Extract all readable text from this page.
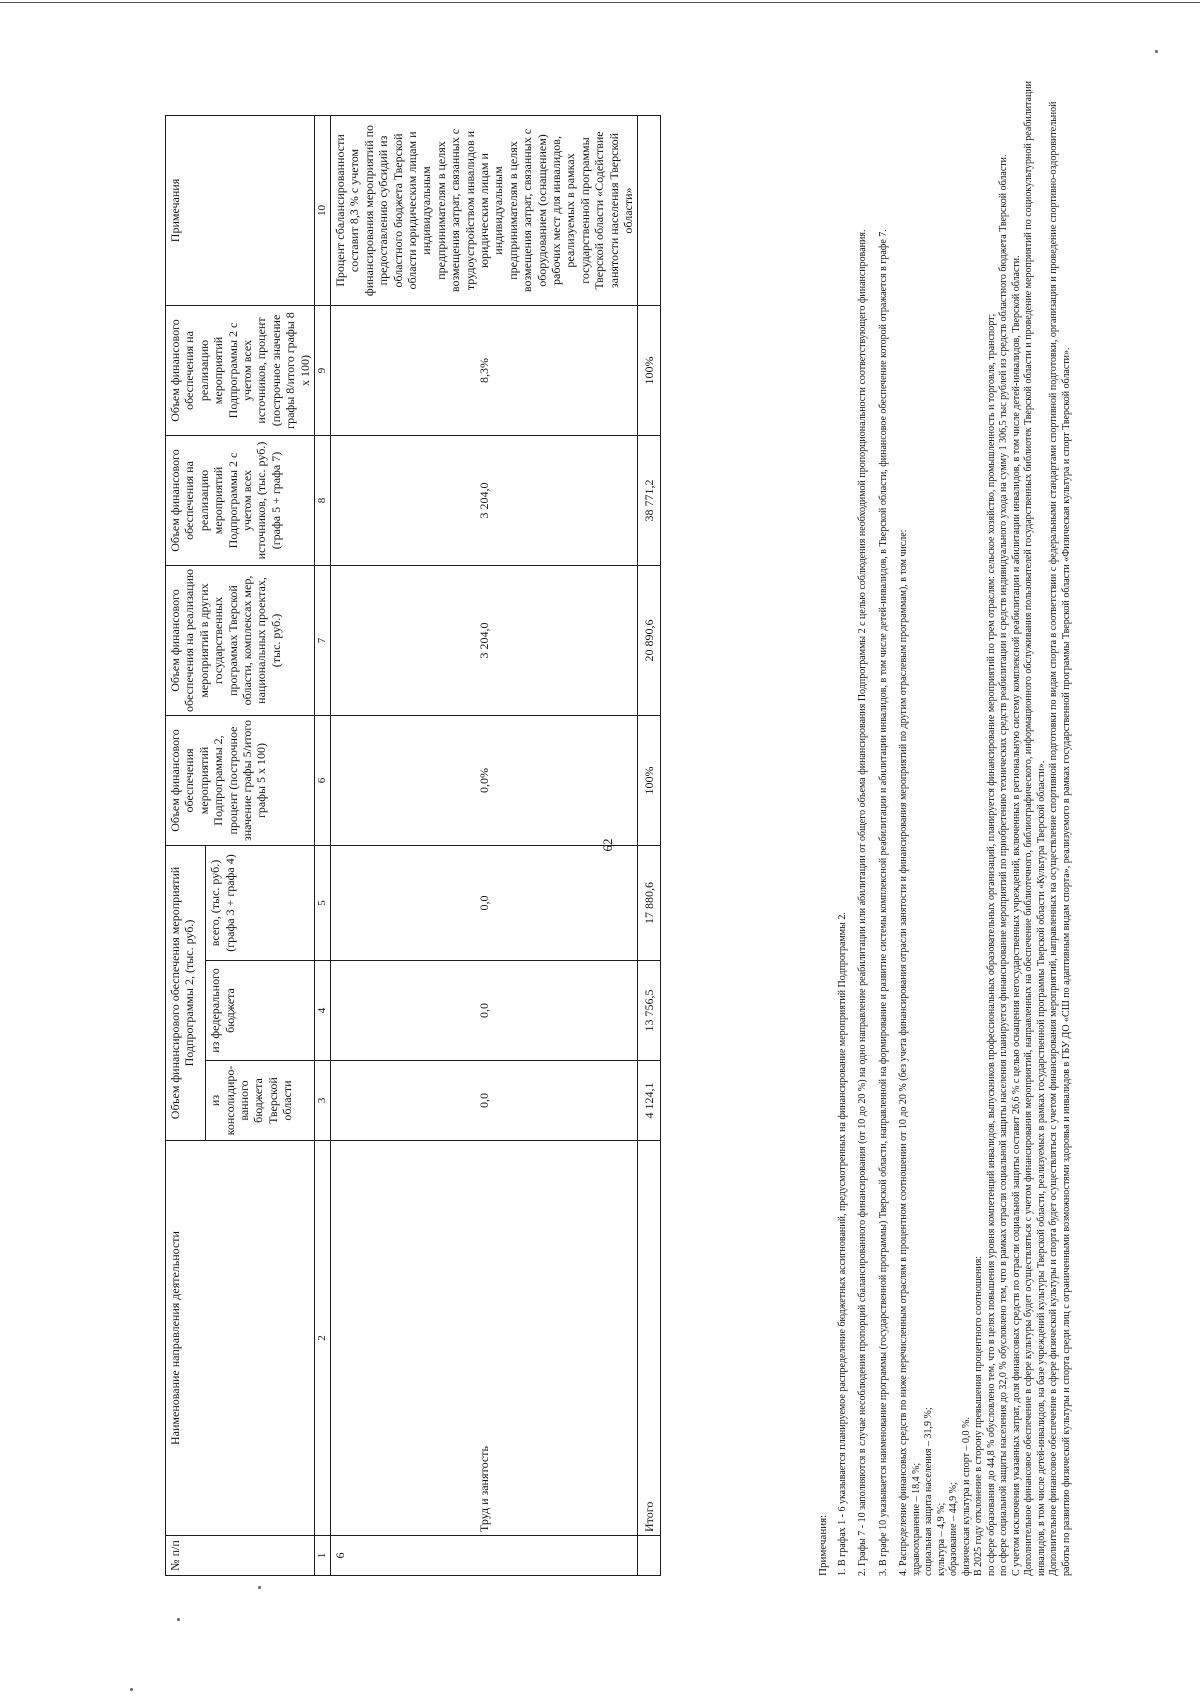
62
№ п/п	Наименование направления деятельности	Объем финансирового обеспечения мероприятий Подпрограммы 2, (тыс. руб.)			Объем финансового обеспечения мероприятий Подпрограммы 2, процент (построчное значение графы 5/итого графы 5 х 100)	Объем финансового обеспечения на реализацию мероприятий в других государственных программах Тверской области, комплексах мер, национальных проектах, (тыс. руб.)	Объем финансового обеспечения на реализацию мероприятий Подпрограммы 2 с учетом всех источников, (тыс. руб.) (графа 5 + графа 7)	Объем финансового обеспечения на реализацию мероприятий Подпрограммы 2 с учетом всех источников, процент (построчное значение графы 8/итого графы 8 х 100)	Примечания
		из консолидиро-ванного бюджета Тверской области	из федерального бюджета	всего, (тыс. руб.) (графа 3 + графа 4)					
1	2	3	4	5	6	7	8	9	10
6	Труд и занятость	0,0	0,0	0,0	0,0%	3 204,0	3 204,0	8,3%	Процент сбалансированности составит 8,3 % с учетом финансирования мероприятий по предоставлению субсидий из областного бюджета Тверской области юридическим лицам и индивидуальным предпринимателям в целях возмещения затрат, связанных с трудоустройством инвалидов и юридическим лицам и индивидуальным предпринимателям в целях возмещения затрат, связанных с оборудованием (оснащением) рабочих мест для инвалидов, реализуемых в рамках государственной программы Тверской области «Содействие занятости населения Тверской области»
	Итого	4 124,1	13 756,5	17 880,6	100%	20 890,6	38 771,2	100%	
Примечания: 1. В графах 1 - 6 указывается планируемое распределение бюджетных ассигнований, предусмотренных на финансирование мероприятий Подпрограммы 2. 2. Графы 7 - 10 заполняются в случае несоблюдения пропорций сбалансированного финансирования (от 10 до 20 %) на одно направление реабилитации или абилитации от общего объема финансирования Подпрограммы 2 с целью соблюдения необходимой пропорциональности соответствующего финансирования. 3. В графе 10 указывается наименование программы (государственной программы) Тверской области, направленной на формирование и развитие системы комплексной реабилитации и абилитации инвалидов, в том числе детей-инвалидов, в Тверской области, финансовое обеспечение которой отражается в графе 7. 4. Распределение финансовых средств по ниже перечисленным отраслям в процентном соотношении от 10 до 20 % (без учета финансирования отрасли занятости и финансирования мероприятий по другим отраслевым программам), в том числе: здравоохранение – 18,4 %; социальная защита населения – 31,9 %; культура – 4,9 %; образование – 44,9 %; физическая культура и спорт – 0,0 %. В 2025 году отклонение в сторону превышения процентного соотношения: по сфере образования до 44,8 % обусловлено тем, что в целях повышения уровня компетенций инвалидов, выпускников профессиональных образовательных организаций, планируется финансирование мероприятий по трем отраслям: сельское хозяйство, промышленность и торговля, транспорт; по сфере социальной защиты населения до 32,0 % обусловлено тем, что в рамках отрасли социальной защиты населения планируется финансирование мероприятий по приобретению технических средств реабилитации и средств индивидуального ухода на сумму 1 306,5 тыс рублей из средств областного бюджета Тверской области. С учетом исключения указанных затрат, доля финансовых средств по отрасли социальной защиты составит 26,6 % с целью оснащения негосударственных учреждений, включенных в региональную систему комплексной реабилитации и абилитации инвалидов, в том числе детей-инвалидов, Тверской области. Дополнительное финансовое обеспечение в сфере культуры будет осуществляться с учетом финансирования мероприятий, направленных на обеспечение библиотечного, библиографического, информационного обслуживания пользователей государственных библиотек Тверской области и проведение мероприятий по социокультурной реабилитации инвалидов, в том числе детей-инвалидов, на базе учреждений культуры Тверской области, реализуемых в рамках государственной программы Тверской области «Культура Тверской области». Дополнительное финансовое обеспечение в сфере физической культуры и спорта будет осуществляться с учетом финансирования мероприятий, направленных на осуществление спортивной подготовки по видам спорта в соответствии с федеральными стандартами спортивной подготовки, организация и проведение спортивно-оздоровительной работы по развитию физической культуры и спорта среди лиц с ограниченными возможностями здоровья и инвалидов в ГБУ ДО «СШ по адаптивным видам спорта», реализуемого в рамках государственной программы Тверской области «Физическая культура и спорт Тверской области».
